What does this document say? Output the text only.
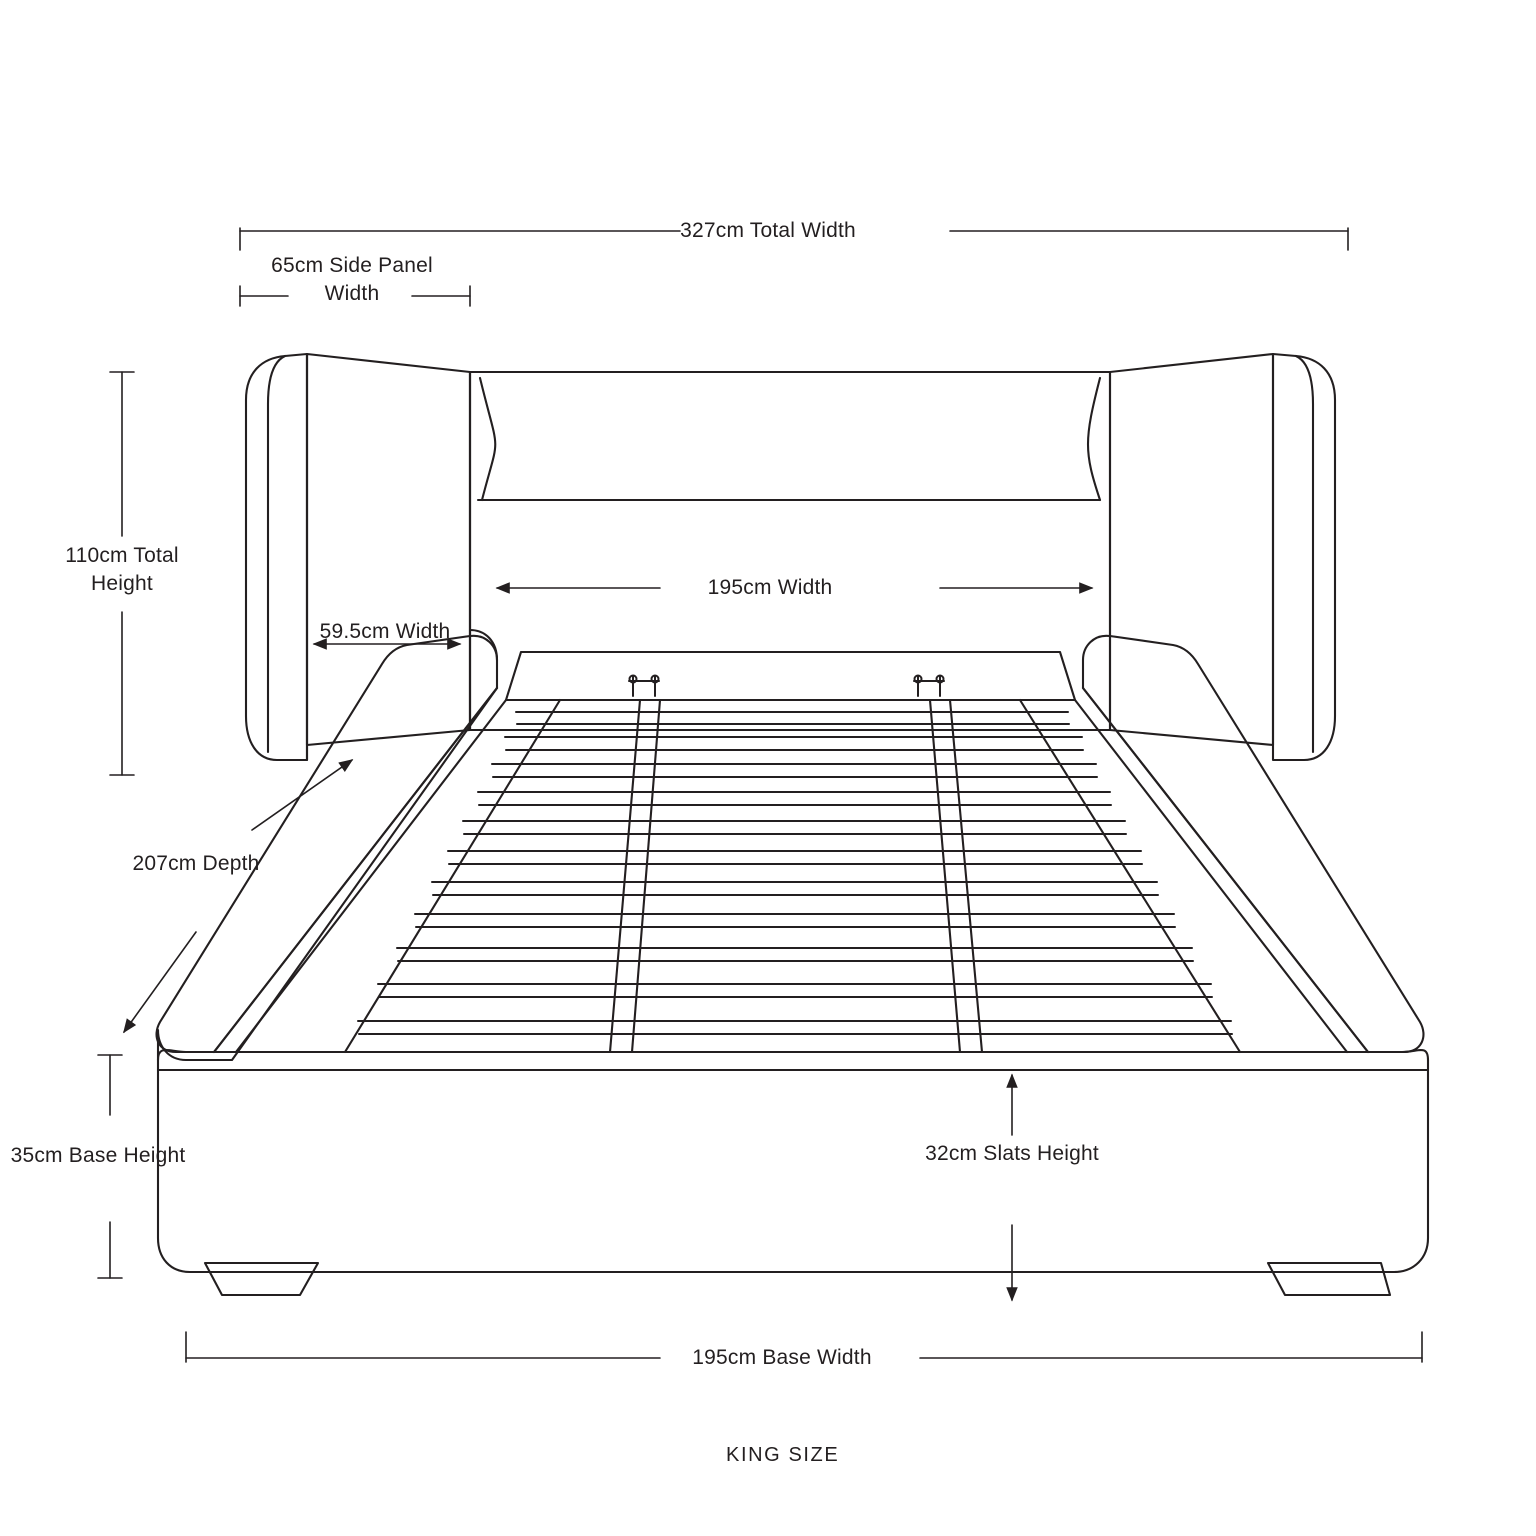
327cm Total Width
65cm Side Panel Width
110cm Total Height	195cm Width
59.5cm Width
207cm Depth
35cm Base Height	32cm Slats Height
195cm Base Width
KING SIZE
